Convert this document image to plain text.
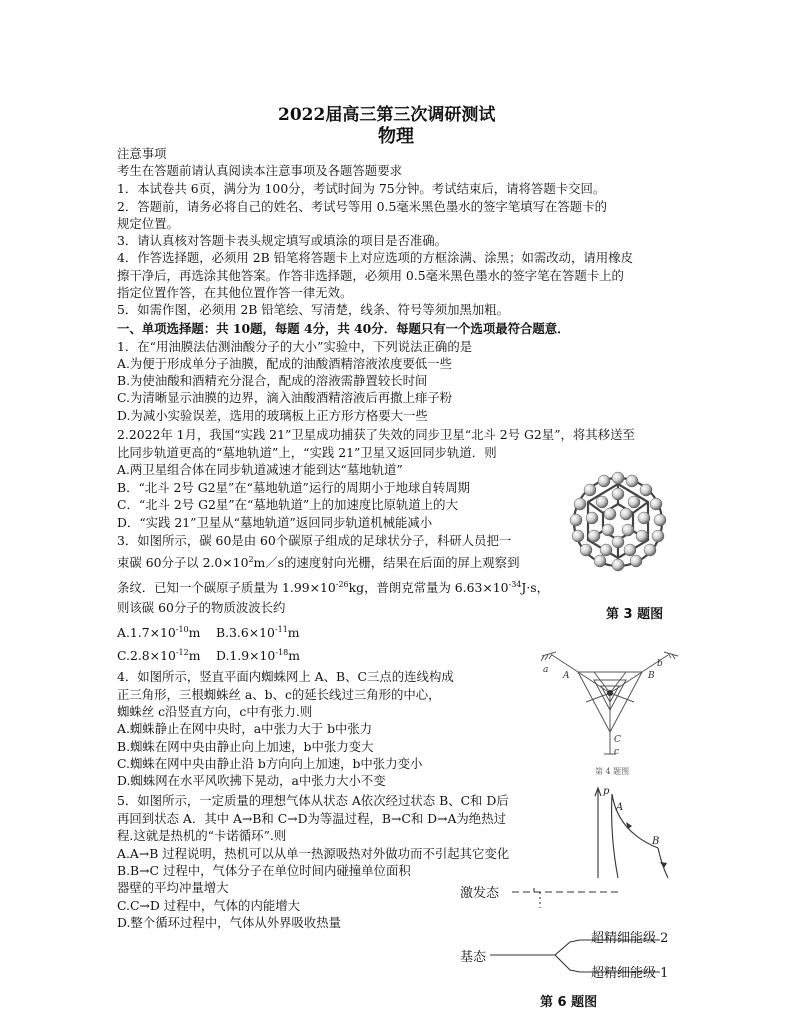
2022届高三第三次调研测试
物理
注意事项
考生在答题前请认真阅读本注意事项及各题答题要求
1．本试卷共 6页，满分为 100分，考试时间为 75分钟。考试结束后，请将答题卡交回。
2．答题前，请务必将自己的姓名、考试号等用 0.5毫米黑色墨水的签字笔填写在答题卡的
规定位置。
3．请认真核对答题卡表头规定填写或填涂的项目是否准确。
4．作答选择题，必须用 2B 铅笔将答题卡上对应选项的方框涂满、涂黑；如需改动，请用橡皮
擦干净后，再选涂其他答案。作答非选择题，必须用 0.5毫米黑色墨水的签字笔在答题卡上的
指定位置作答，在其他位置作答一律无效。
5．如需作图，必须用 2B 铅笔绘、写清楚，线条、符号等须加黑加粗。
一、单项选择题：共 10题，每题 4分，共 40分．每题只有一个选项最符合题意．
1．在“用油膜法估测油酸分子的大小”实验中，下列说法正确的是
A.为便于形成单分子油膜，配成的油酸酒精溶液浓度要低一些
B.为使油酸和酒精充分混合，配成的溶液需静置较长时间
C.为清晰显示油膜的边界，滴入油酸酒精溶液后再撒上痱子粉
D.为减小实验误差，选用的玻璃板上正方形方格要大一些
2.2022年 1月，我国“实践 21”卫星成功捕获了失效的同步卫星“北斗 2号 G2星”，将其移送至
比同步轨道更高的“墓地轨道”上，“实践 21”卫星又返回同步轨道．则
A.两卫星组合体在同步轨道减速才能到达“墓地轨道”
B．“北斗 2号 G2星”在“墓地轨道”运行的周期小于地球自转周期
C．“北斗 2号 G2星”在“墓地轨道”上的加速度比原轨道上的大
D．“实践 21”卫星从“墓地轨道”返回同步轨道机械能减小
3．如图所示，碳 60是由 60个碳原子组成的足球状分子，科研人员把一
束碳 60分子以 $2.0\times 10^2m/s$的速度射向光栅，结果在后面的屏上观察到
条纹．已知一个碳原子质量为 $1.99\times 10^{-26}kg$，普朗克常量为 $6.63\times 10^{-34}J\cdot s$，
则该碳 60分子的物质波波长约
$A.1.7\times 10^{-10}m$ $B.3.6\times 10^{-11}m$
$C.2.8\times 10^{-12}m$ $D.1.9\times 10^{-18}m$
4．如图所示，竖直平面内蜘蛛网上 A、B、C三点的连线构成
正三角形，三根蜘蛛丝 a、b、c的延长线过三角形的中心，
蜘蛛丝 c沿竖直方向，c中有张力.则
A.蜘蛛静止在网中央时，a中张力大于 b中张力
B.蜘蛛在网中央由静止向上加速，b中张力变大
C.蜘蛛在网中央由静止沿 b方向向上加速，b中张力变小
D.蜘蛛网在水平风吹拂下晃动，a中张力大小不变
5．如图所示，一定质量的理想气体从状态 A依次经过状态 B、C和 D后
再回到状态 A．其中 A→B和 C→D为等温过程，B→C和 D→A为绝热过
程.这就是热机的“卡诺循环”.则
A.A→B 过程说明，热机可以从单一热源吸热对外做功而不引起其它变化
B.B→C 过程中，气体分子在单位时间内碰撞单位面积
器壁的平均冲量增大
C.C→D 过程中，气体的内能增大
D.整个循环过程中，气体从外界吸收热量
第 3 题图
a
A
b
B
C
c
第 4 题图
p
A
B
激发态
基态
超精细能级 2
超精细能级 1
第 6 题图
